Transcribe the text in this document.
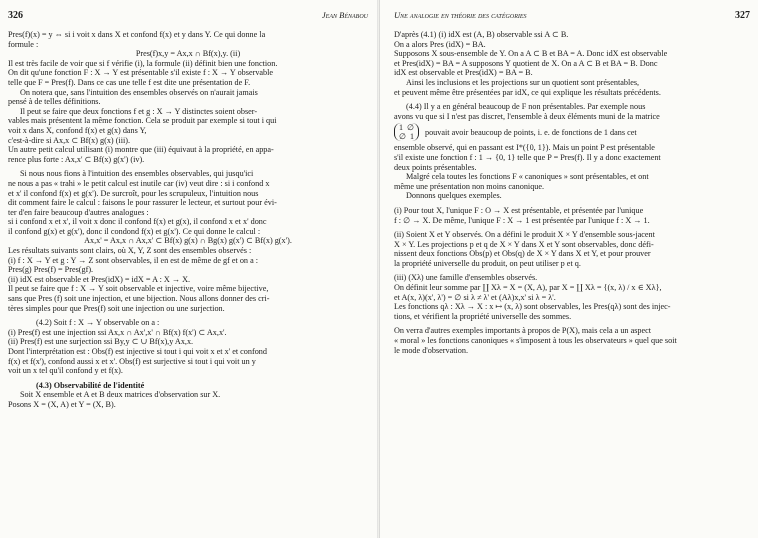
326	Jean Bénabou

Pres(f)(x) = y ⇔ si i voit x dans X et confond f(x) et y dans Y. Ce qui donne la

formule :

Pres(f)x,y = Ax,x ∩ Bf(x),y. (ii)

Il est très facile de voir que si f vérifie (i), la formule (ii) définit bien une fonction.

On dit qu'une fonction F : X → Y est présentable s'il existe f : X → Y observable

telle que F = Pres(f). Dans ce cas une telle f est dite une présentation de F.

On notera que, sans l'intuition des ensembles observés on n'aurait jamais

pensé à de telles définitions.

Il peut se faire que deux fonctions f et g : X → Y distinctes soient obser-

vables mais présentent la même fonction. Cela se produit par exemple si tout i qui

voit x dans X, confond f(x) et g(x) dans Y,

c'est-à-dire si Ax,x ⊂ Bf(x) g(x) (iii).

Un autre petit calcul utilisant (i) montre que (iii) équivaut à la propriété, en appa-

rence plus forte : Ax,x' ⊂ Bf(x) g(x') (iv).

Si nous nous fions à l'intuition des ensembles observables, qui jusqu'ici

ne nous a pas « trahi » le petit calcul est inutile car (iv) veut dire : si i confond x

et x' il confond f(x) et g(x'). De surcroît, pour les scrupuleux, l'intuition nous

dit comment faire le calcul : faisons le pour rassurer le lecteur, et surtout pour évi-

ter d'en faire beaucoup d'autres analogues :

si i confond x et x', il voit x donc il confond f(x) et g(x), il confond x et x' donc

il confond g(x) et g(x'), donc il condond f(x) et g(x'). Ce qui donne le calcul :

Ax,x' = Ax,x ∩ Ax,x' ⊂ Bf(x) g(x) ∩ Bg(x) g(x') ⊂ Bf(x) g(x').

Les résultats suivants sont clairs, où X, Y, Z sont des ensembles observés :

(i) f : X → Y et g : Y → Z sont observables, il en est de même de gf et on a :

Pres(g) Pres(f) = Pres(gf).

(ii) idX est observable et Pres(idX) = idX = A : X → X.

Il peut se faire que f : X → Y soit observable et injective, voire même bijective,

sans que Pres (f) soit une injection, et une bijection. Nous allons donner des cri-

tères simples pour que Pres(f) soit une injection ou une surjection.

(4.2) Soit f : X → Y observable on a :

(i) Pres(f) est une injection ssi Ax,x ∩ Ax',x' ∩ Bf(x) f(x') ⊂ Ax,x'.

(ii) Pres(f) est une surjection ssi By,y ⊂ ∪ Bf(x),y Ax,x.

Dont l'interprétation est : Obs(f) est injective si tout i qui voit x et x' et confond

f(x) et f(x'), confond aussi x et x'. Obs(f) est surjective si tout i qui voit un y

voit un x tel qu'il confond y et f(x).

(4.3) Observabilité de l'identité

Soit X ensemble et A et B deux matrices d'observation sur X.

Posons X = (X, A) et Y = (X, B).

Une analogie en théorie des catégories	327

D'après (4.1) (i) idX est (A, B) observable ssi A ⊂ B.

On a alors Pres (idX) = BA.

Supposons X sous-ensemble de Y. On a A ⊂ B et BA = A. Donc idX est observable

et Pres(idX) = BA = A supposons Y quotient de X. On a A ⊂ B et BA = B. Donc

idX est observable et Pres(idX) = BA = B.

Ainsi les inclusions et les projections sur un quotient sont présentables,

et peuvent même être présentées par idX, ce qui explique les résultats précédents.

(4.4) Il y a en général beaucoup de F non présentables. Par exemple nous

avons vu que si I n'est pas discret, l'ensemble à deux éléments muni de la matrice

1 ∅
∅ 1
pouvait avoir beaucoup de points, i. e. de fonctions de 1 dans cet

ensemble observé, qui en passant est I*({0, 1}). Mais un point P est présentable

s'il existe une fonction f : 1 → {0, 1} telle que P = Pres(f). Il y a donc exactement

deux points présentables.

Malgré cela toutes les fonctions F « canoniques » sont présentables, et ont

même une présentation non moins canonique.

Donnons quelques exemples.

(i) Pour tout X, l'unique F : O → X est présentable, et présentée par l'unique

f : ∅ → X. De même, l'unique F : X → 1 est présentée par l'unique f : X → 1.

(ii) Soient X et Y observés. On a défini le produit X × Y d'ensemble sous-jacent

X × Y. Les projections p et q de X × Y dans X et Y sont observables, donc défi-

nissent deux fonctions Obs(p) et Obs(q) de X × Y dans X et Y, et pour prouver

la propriété universelle du produit, on peut utiliser p et q.

(iii) (Xλ) une famille d'ensembles observés.

On définit leur somme par ∐ Xλ = X = (X, A), par X = ∐ Xλ = {(x, λ) / x ∈ Xλ},

et A(x, λ)(x', λ') = ∅ si λ ≠ λ' et (Aλ)x,x' si λ = λ'.

Les fonctions qλ : Xλ → X : x ↦ (x, λ) sont observables, les Pres(qλ) sont des injec-

tions, et vérifient la propriété universelle des sommes.

On verra d'autres exemples importants à propos de P(X), mais cela a un aspect

« moral » les fonctions canoniques « s'imposent à tous les observateurs » quel que soit

le mode d'observation.
